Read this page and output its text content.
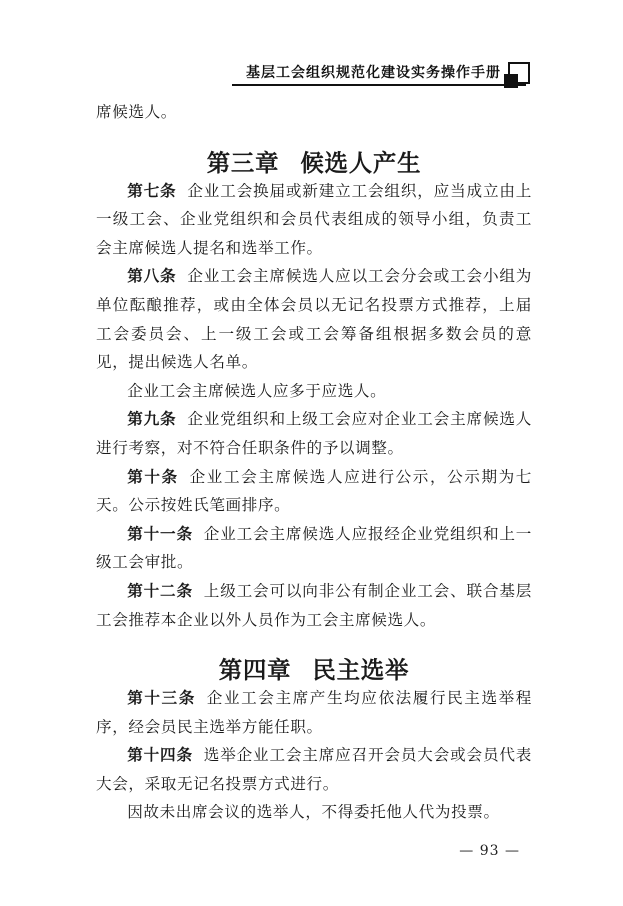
基层工会组织规范化建设实务操作手册

席候选人。

第三章 候选人产生

第七条 企业工会换届或新建立工会组织，应当成立由上一级工会、企业党组织和会员代表组成的领导小组，负责工会主席候选人提名和选举工作。

第八条 企业工会主席候选人应以工会分会或工会小组为单位酝酿推荐，或由全体会员以无记名投票方式推荐，上届工会委员会、上一级工会或工会筹备组根据多数会员的意见，提出候选人名单。

企业工会主席候选人应多于应选人。

第九条 企业党组织和上级工会应对企业工会主席候选人进行考察，对不符合任职条件的予以调整。

第十条 企业工会主席候选人应进行公示，公示期为七天。公示按姓氏笔画排序。

第十一条 企业工会主席候选人应报经企业党组织和上一级工会审批。

第十二条 上级工会可以向非公有制企业工会、联合基层工会推荐本企业以外人员作为工会主席候选人。

第四章 民主选举

第十三条 企业工会主席产生均应依法履行民主选举程序，经会员民主选举方能任职。

第十四条 选举企业工会主席应召开会员大会或会员代表大会，采取无记名投票方式进行。

因故未出席会议的选举人，不得委托他人代为投票。

— 93 —
